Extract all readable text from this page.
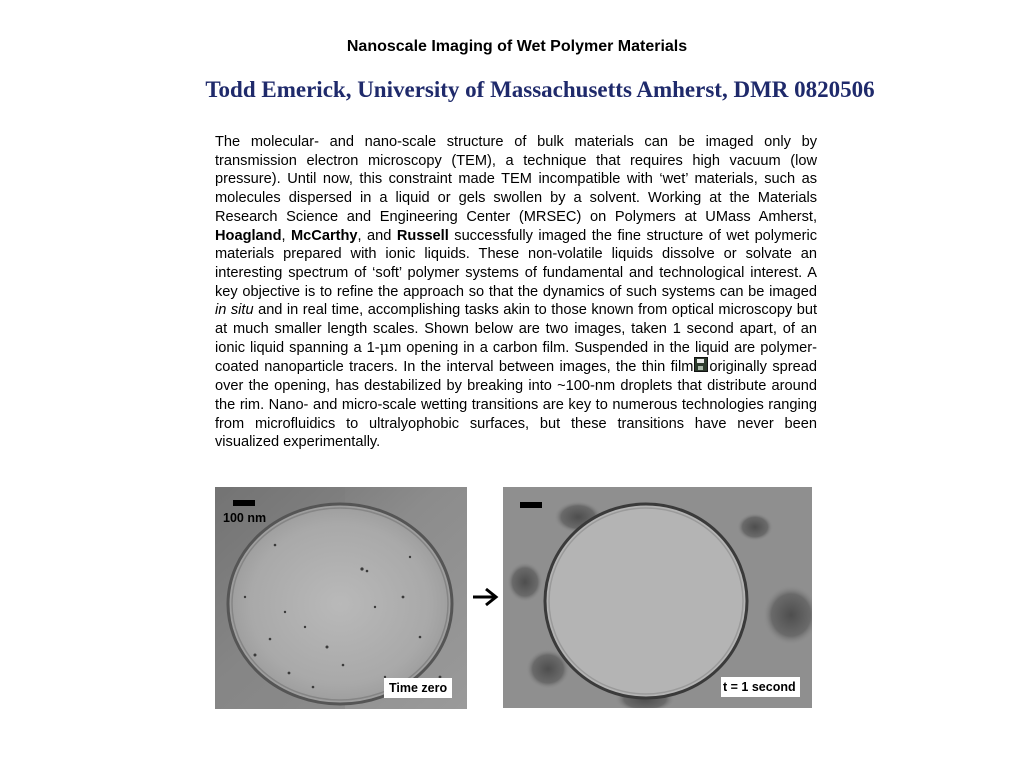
Nanoscale Imaging of Wet Polymer Materials
Todd Emerick, University of Massachusetts Amherst, DMR 0820506
The molecular- and nano-scale structure of bulk materials can be imaged only by transmission electron microscopy (TEM), a technique that requires high vacuum (low pressure). Until now, this constraint made TEM incompatible with ‘wet’ materials, such as molecules dispersed in a liquid or gels swollen by a solvent. Working at the Materials Research Science and Engineering Center (MRSEC) on Polymers at UMass Amherst, Hoagland, McCarthy, and Russell successfully imaged the fine structure of wet polymeric materials prepared with ionic liquids. These non-volatile liquids dissolve or solvate an interesting spectrum of ‘soft’ polymer systems of fundamental and technological interest. A key objective is to refine the approach so that the dynamics of such systems can be imaged in situ and in real time, accomplishing tasks akin to those known from optical microscopy but at much smaller length scales. Shown below are two images, taken 1 second apart, of an ionic liquid spanning a 1-μm opening in a carbon film. Suspended in the liquid are polymer-coated nanoparticle tracers. In the interval between images, the thin film originally spread over the opening, has destabilized by breaking into ~100-nm droplets that distribute around the rim. Nano- and micro-scale wetting transitions are key to numerous technologies ranging from microfluidics to ultralyophobic surfaces, but these transitions have never been visualized experimentally.
100 nm
Time zero	t = 1 second
